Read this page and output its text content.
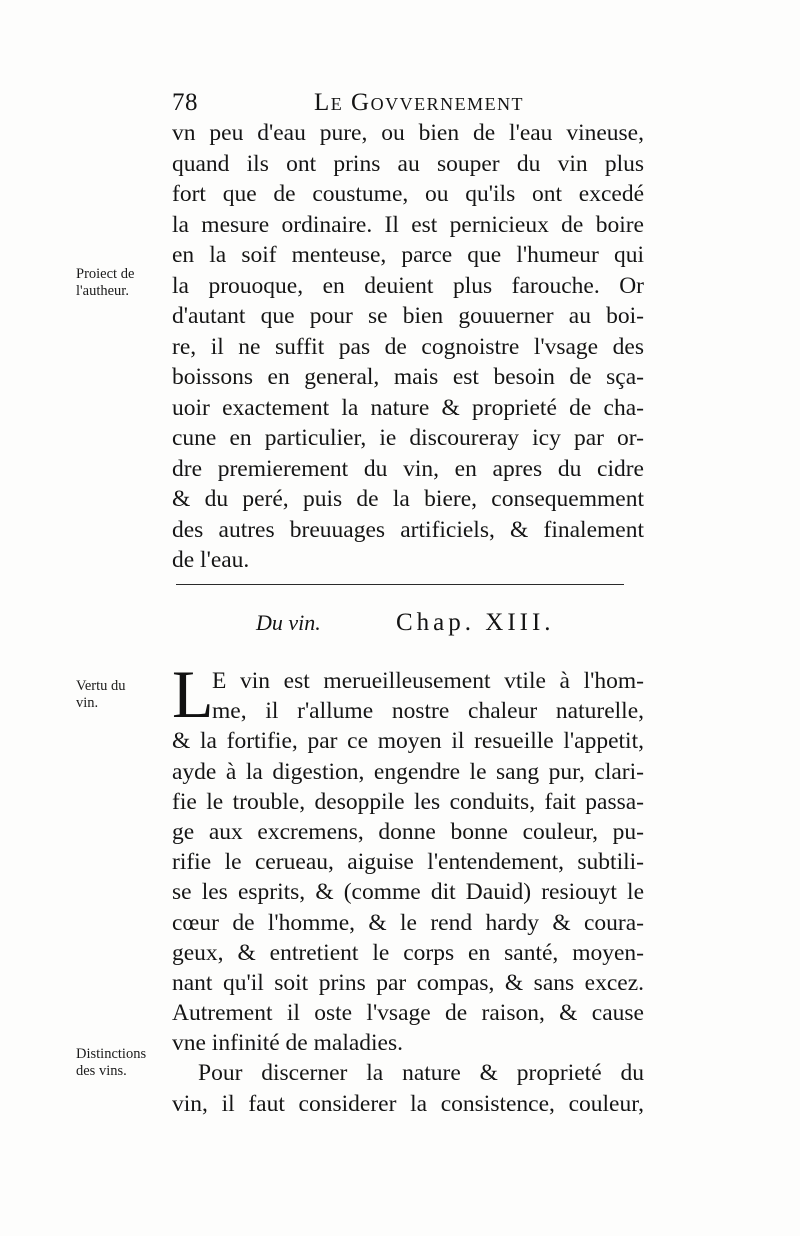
78	Le Govvernement
vn peu d'eau pure, ou bien de l'eau vineuse,
quand ils ont prins au souper du vin plus
fort que de coustume, ou qu'ils ont excedé
la mesure ordinaire. Il est pernicieux de boire
en la soif menteuse, parce que l'humeur qui
la prouoque, en deuient plus farouche. Or
d'autant que pour se bien gouuerner au boi-
re, il ne suffit pas de cognoistre l'vsage des
boissons en general, mais est besoin de sça-
uoir exactement la nature & proprieté de cha-
cune en particulier, ie discoureray icy par or-
dre premierement du vin, en apres du cidre
& du peré, puis de la biere, consequemment
des autres breuuages artificiels, & finalement
de l'eau.
Proiect de
l'autheur.
Du vin.	Chap. XIII.
Vertu du
vin.	L
E vin est merueilleusement vtile à l'hom-
me, il r'allume nostre chaleur naturelle,
& la fortifie, par ce moyen il resueille l'appetit,
ayde à la digestion, engendre le sang pur, clari-
fie le trouble, desoppile les conduits, fait passa-
ge aux excremens, donne bonne couleur, pu-
rifie le cerueau, aiguise l'entendement, subtili-
se les esprits, & (comme dit Dauid) resiouyt le
cœur de l'homme, & le rend hardy & coura-
geux, & entretient le corps en santé, moyen-
nant qu'il soit prins par compas, & sans excez.
Autrement il oste l'vsage de raison, & cause
vne infinité de maladies.
Pour discerner la nature & proprieté du
vin, il faut considerer la consistence, couleur,
Distinctions
des vins.
